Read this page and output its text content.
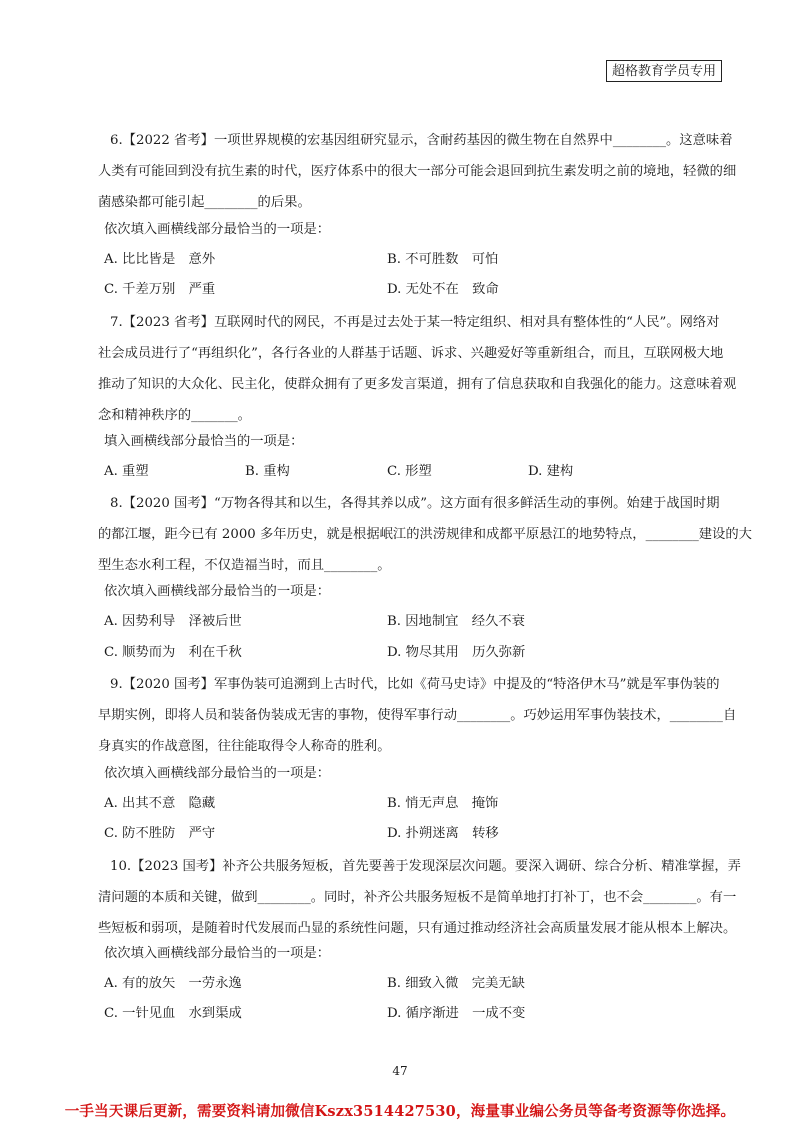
超格教育学员专用
6.【2022 省考】一项世界规模的宏基因组研究显示，含耐药基因的微生物在自然界中________。这意味着
人类有可能回到没有抗生素的时代，医疗体系中的很大一部分可能会退回到抗生素发明之前的境地，轻微的细
菌感染都可能引起________的后果。
依次填入画横线部分最恰当的一项是：
A. 比比皆是　意外	B. 不可胜数　可怕
C. 千差万别　严重	D. 无处不在　致命
7.【2023 省考】互联网时代的网民，不再是过去处于某一特定组织、相对具有整体性的“人民”。网络对
社会成员进行了“再组织化”，各行各业的人群基于话题、诉求、兴趣爱好等重新组合，而且，互联网极大地
推动了知识的大众化、民主化，使群众拥有了更多发言渠道，拥有了信息获取和自我强化的能力。这意味着观
念和精神秩序的_______。
填入画横线部分最恰当的一项是：
A. 重塑	B. 重构	C. 形塑	D. 建构
8.【2020 国考】“万物各得其和以生，各得其养以成”。这方面有很多鲜活生动的事例。始建于战国时期
的都江堰，距今已有 2000 多年历史，就是根据岷江的洪涝规律和成都平原悬江的地势特点，________建设的大
型生态水利工程，不仅造福当时，而且________。
依次填入画横线部分最恰当的一项是：
A. 因势利导　泽被后世	B. 因地制宜　经久不衰
C. 顺势而为　利在千秋	D. 物尽其用　历久弥新
9.【2020 国考】军事伪装可追溯到上古时代，比如《荷马史诗》中提及的“特洛伊木马”就是军事伪装的
早期实例，即将人员和装备伪装成无害的事物，使得军事行动________。巧妙运用军事伪装技术，________自
身真实的作战意图，往往能取得令人称奇的胜利。
依次填入画横线部分最恰当的一项是：
A. 出其不意　隐藏	B. 悄无声息　掩饰
C. 防不胜防　严守	D. 扑朔迷离　转移
10.【2023 国考】补齐公共服务短板，首先要善于发现深层次问题。要深入调研、综合分析、精准掌握，弄
清问题的本质和关键，做到________。同时，补齐公共服务短板不是简单地打打补丁，也不会________。有一
些短板和弱项，是随着时代发展而凸显的系统性问题，只有通过推动经济社会高质量发展才能从根本上解决。
依次填入画横线部分最恰当的一项是：
A. 有的放矢　一劳永逸	B. 细致入微　完美无缺
C. 一针见血　水到渠成	D. 循序渐进　一成不变
47
一手当天课后更新，需要资料请加微信Kszx3514427530，海量事业编公务员等备考资源等你选择。
